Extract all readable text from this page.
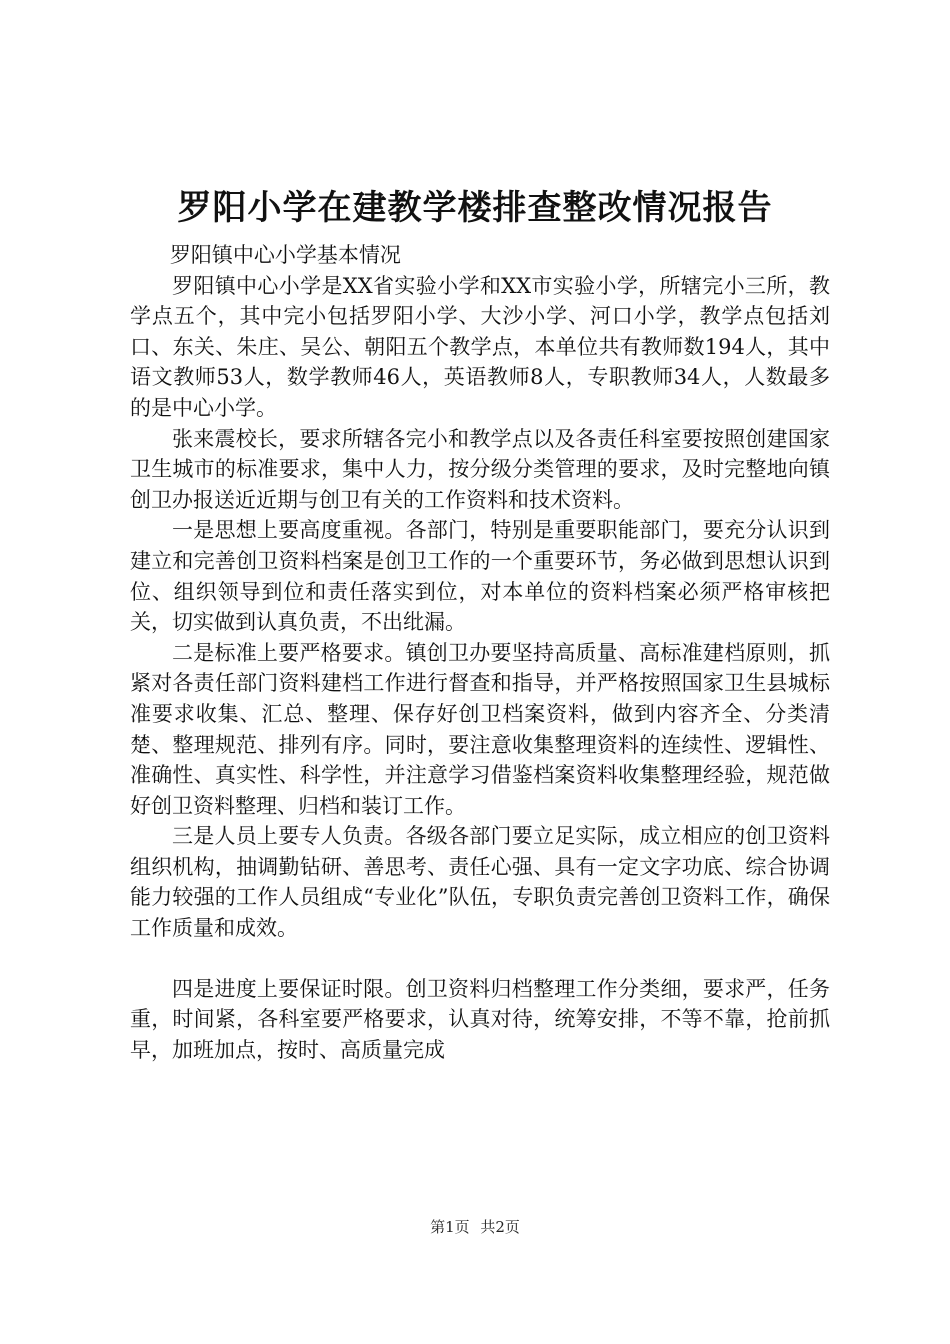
罗阳小学在建教学楼排查整改情况报告

罗阳镇中心小学基本情况

罗阳镇中心小学是XX省实验小学和XX市实验小学，所辖完小三所，教学点五个，其中完小包括罗阳小学、大沙小学、河口小学，教学点包括刘口、东关、朱庄、吴公、朝阳五个教学点，本单位共有教师数194人，其中语文教师53人，数学教师46人，英语教师8人，专职教师34人，人数最多的是中心小学。

张来震校长，要求所辖各完小和教学点以及各责任科室要按照创建国家卫生城市的标准要求，集中人力，按分级分类管理的要求，及时完整地向镇创卫办报送近近期与创卫有关的工作资料和技术资料。

一是思想上要高度重视。各部门，特别是重要职能部门，要充分认识到建立和完善创卫资料档案是创卫工作的一个重要环节，务必做到思想认识到位、组织领导到位和责任落实到位，对本单位的资料档案必须严格审核把关，切实做到认真负责，不出纰漏。

二是标准上要严格要求。镇创卫办要坚持高质量、高标准建档原则，抓紧对各责任部门资料建档工作进行督查和指导，并严格按照国家卫生县城标准要求收集、汇总、整理、保存好创卫档案资料，做到内容齐全、分类清楚、整理规范、排列有序。同时，要注意收集整理资料的连续性、逻辑性、准确性、真实性、科学性，并注意学习借鉴档案资料收集整理经验，规范做好创卫资料整理、归档和装订工作。

三是人员上要专人负责。各级各部门要立足实际，成立相应的创卫资料组织机构，抽调勤钻研、善思考、责任心强、具有一定文字功底、综合协调能力较强的工作人员组成“专业化”队伍，专职负责完善创卫资料工作，确保工作质量和成效。

四是进度上要保证时限。创卫资料归档整理工作分类细，要求严，任务重，时间紧，各科室要严格要求，认真对待，统筹安排，不等不靠，抢前抓早，加班加点，按时、高质量完成

第1页 共2页
